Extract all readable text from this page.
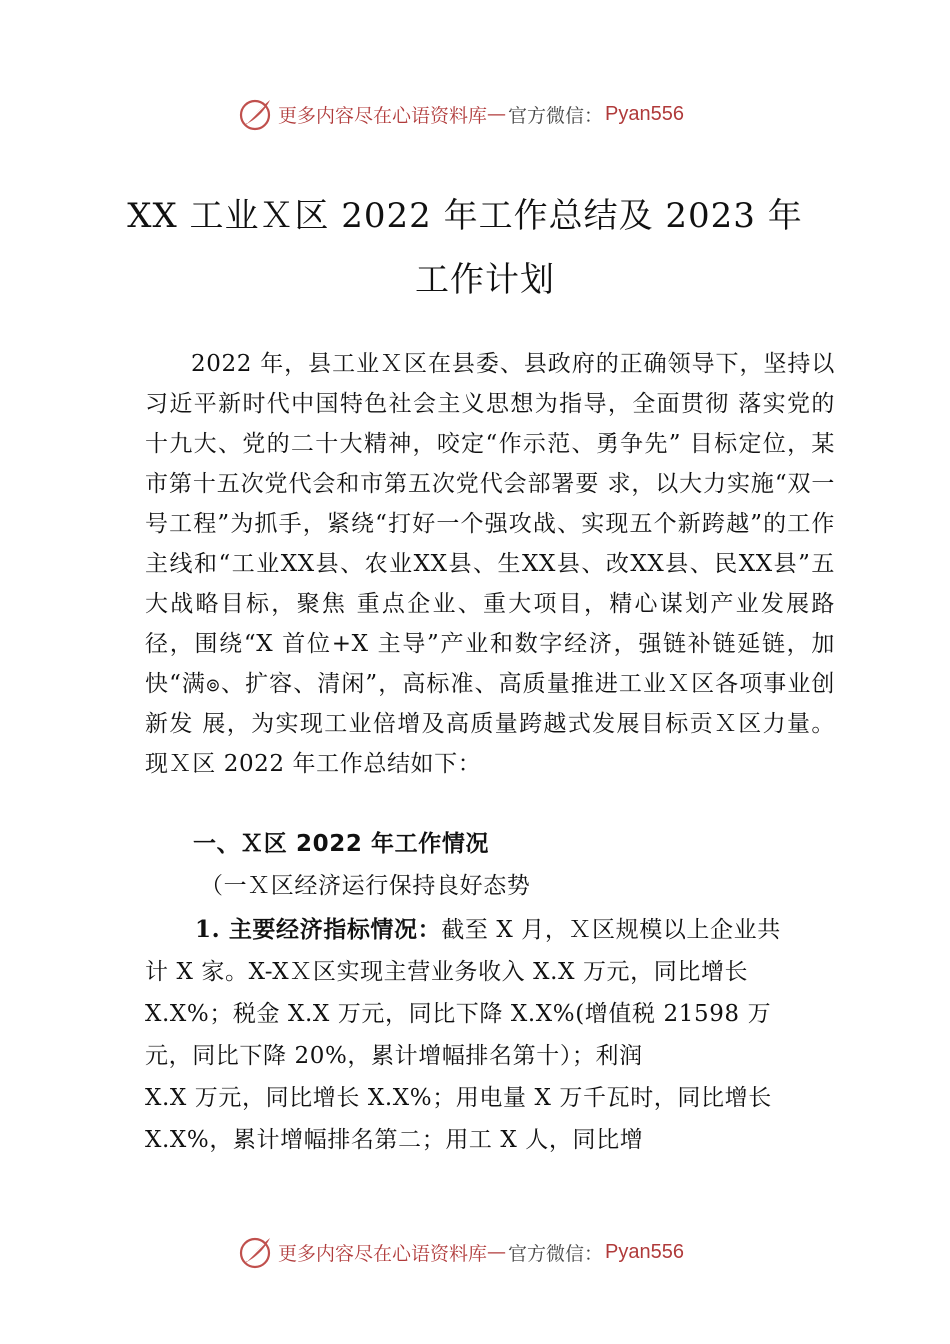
更多内容尽在心语资料库 — 官方微信： Pyan556
XX 工业Ｘ区 2022 年工作总结及 2023 年
工作计划

2022 年，县工业Ｘ区在县委、县政府的正确领导下，坚持以习近平新时代中国特色社会主义思想为指导，全面贯彻 落实党的十九大、党的二十大精神，咬定“作示范、勇争先” 目标定位，某市第十五次党代会和市第五次党代会部署要 求，以大力实施“双一号工程”为抓手，紧绕“打好一个强攻战、实现五个新跨越”的工作主线和“工业XX县、农业XX县、生XX县、改XX县、民XX县”五大战略目标，聚焦 重点企业、重大项目，精心谋划产业发展路径，围绕“X 首位+X 主导”产业和数字经济，强链补链延链，加快“满๏、扩容、清闲”，高标准、高质量推进工业Ｘ区各项事业创新发 展，为实现工业倍增及高质量跨越式发展目标贡Ｘ区力量。现Ｘ区 2022 年工作总结如下：

一、Ｘ区 2022 年工作情况
（一Ｘ区经济运行保持良好态势
1. 主要经济指标情况：截至 X 月，Ｘ区规模以上企业共
计 X 家。X-XＸ区实现主营业务收入 X.X 万元，同比增长
X.X%；税金 X.X 万元，同比下降 X.X%(增值税 21598 万
元，同比下降 20%，累计增幅排名第十）；利润
X.X 万元，同比增长 X.X%；用电量 X 万千瓦时，同比增长
X.X%，累计增幅排名第二；用工 X 人，同比增
更多内容尽在心语资料库 — 官方微信： Pyan556
